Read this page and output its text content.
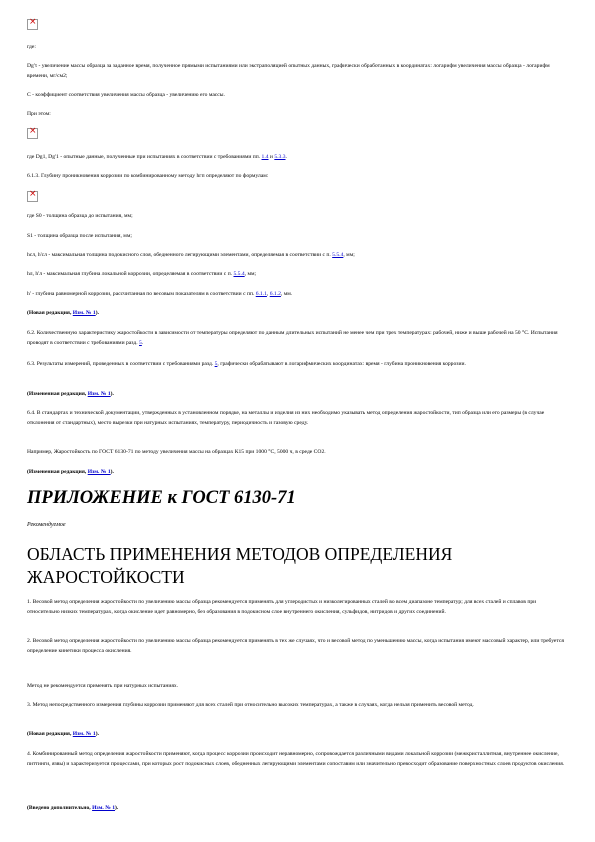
×

где:

Dg'τ - увеличение массы образца за заданное время, полученное прямыми испытаниями или экстраполяцией опытных данных, графически обработанных в координатах: логарифм увеличения массы образца - логарифм времени, мг/см2;

C - коэффициент соответствия увеличения массы образца - увеличению его массы.

При этом:

×

где Dg1, Dg'1 - опытные данные, полученные при испытаниях в соответствии с требованиями пп. 1.4 и 5.3.3.

6.1.3. Глубину проникновения коррозии по комбинированному методу hгп определяют по формулам:

×

где S0 - толщина образца до испытания, мм;

S1 - толщина образца после испытания, мм;

hсл, h'сл - максимальная толщина подокисного слоя, обедненного легирующими элементами, определяемая в соответствии с п. 5.5.4, мм;

hл, h'л - максимальная глубина локальной коррозии, определяемая в соответствии с п. 5.5.4, мм;

h' - глубина равномерной коррозии, рассчитанная по весовым показателям в соответствии с пп. 6.1.1, 6.1.2, мм.

(Новая редакция, Изм. № 1).

6.2. Количественную характеристику жаростойкости в зависимости от температуры определяют по данным длительных испытаний не менее чем при трех температурах: рабочей, ниже и выше рабочей на 50 °C. Испытания проводят в соответствии с требованиями разд. 5.

6.3. Результаты измерений, проведенных в соответствии с требованиями разд. 5, графически обрабатывают в логарифмических координатах: время - глубина проникновения коррозии.

(Измененная редакция, Изм. № 1).

6.4. В стандартах и технической документации, утвержденных в установленном порядке, на металлы и изделия из них необходимо указывать метод определения жаростойкости, тип образца или его размеры (в случае отклонения от стандартных), место вырезки при натурных испытаниях, температуру, периодичность и газовую среду.

Например, Жаростойкость по ГОСТ 6130-71 по методу увеличения массы на образцах К15 при 1000 °C, 5000 ч, в среде CO2.

(Измененная редакция, Изм. № 1).

ПРИЛОЖЕНИЕ к ГОСТ 6130-71

Рекомендуемое

ОБЛАСТЬ ПРИМЕНЕНИЯ МЕТОДОВ ОПРЕДЕЛЕНИЯ ЖАРОСТОЙКОСТИ

1. Весовой метод определения жаростойкости по увеличению массы образца рекомендуется применять для углеродистых и низколегированных сталей во всем диапазоне температур; для всех сталей и сплавов при относительно низких температурах, когда окисление идет равномерно, без образования в подокисном слое внутреннего окисления, сульфидов, нитридов и других соединений.

2. Весовой метод определения жаростойкости по увеличению массы образца рекомендуется применять в тех же случаях, что и весовой метод по уменьшению массы, когда испытания имеют массовый характер, или требуется определение кинетики процесса окисления.

Метод не рекомендуется применять при натурных испытаниях.

3. Метод непосредственного измерения глубины коррозии применяют для всех сталей при относительно высоких температурах, а также в случаях, когда нельзя применить весовой метод.

(Новая редакция, Изм. № 1).

4. Комбинированный метод определения жаростойкости применяют, когда процесс коррозии происходит неравномерно, сопровождается различными видами локальной коррозии (межкристаллитная, внутреннее окисление, питтинги, язвы) и характеризуется процессами, при которых рост подокисных слоев, обедненных легирующими элементами сопоставим или значительно превосходит образование поверхностных слоев продуктов окисления.

(Введено дополнительно, Изм. № 1).
